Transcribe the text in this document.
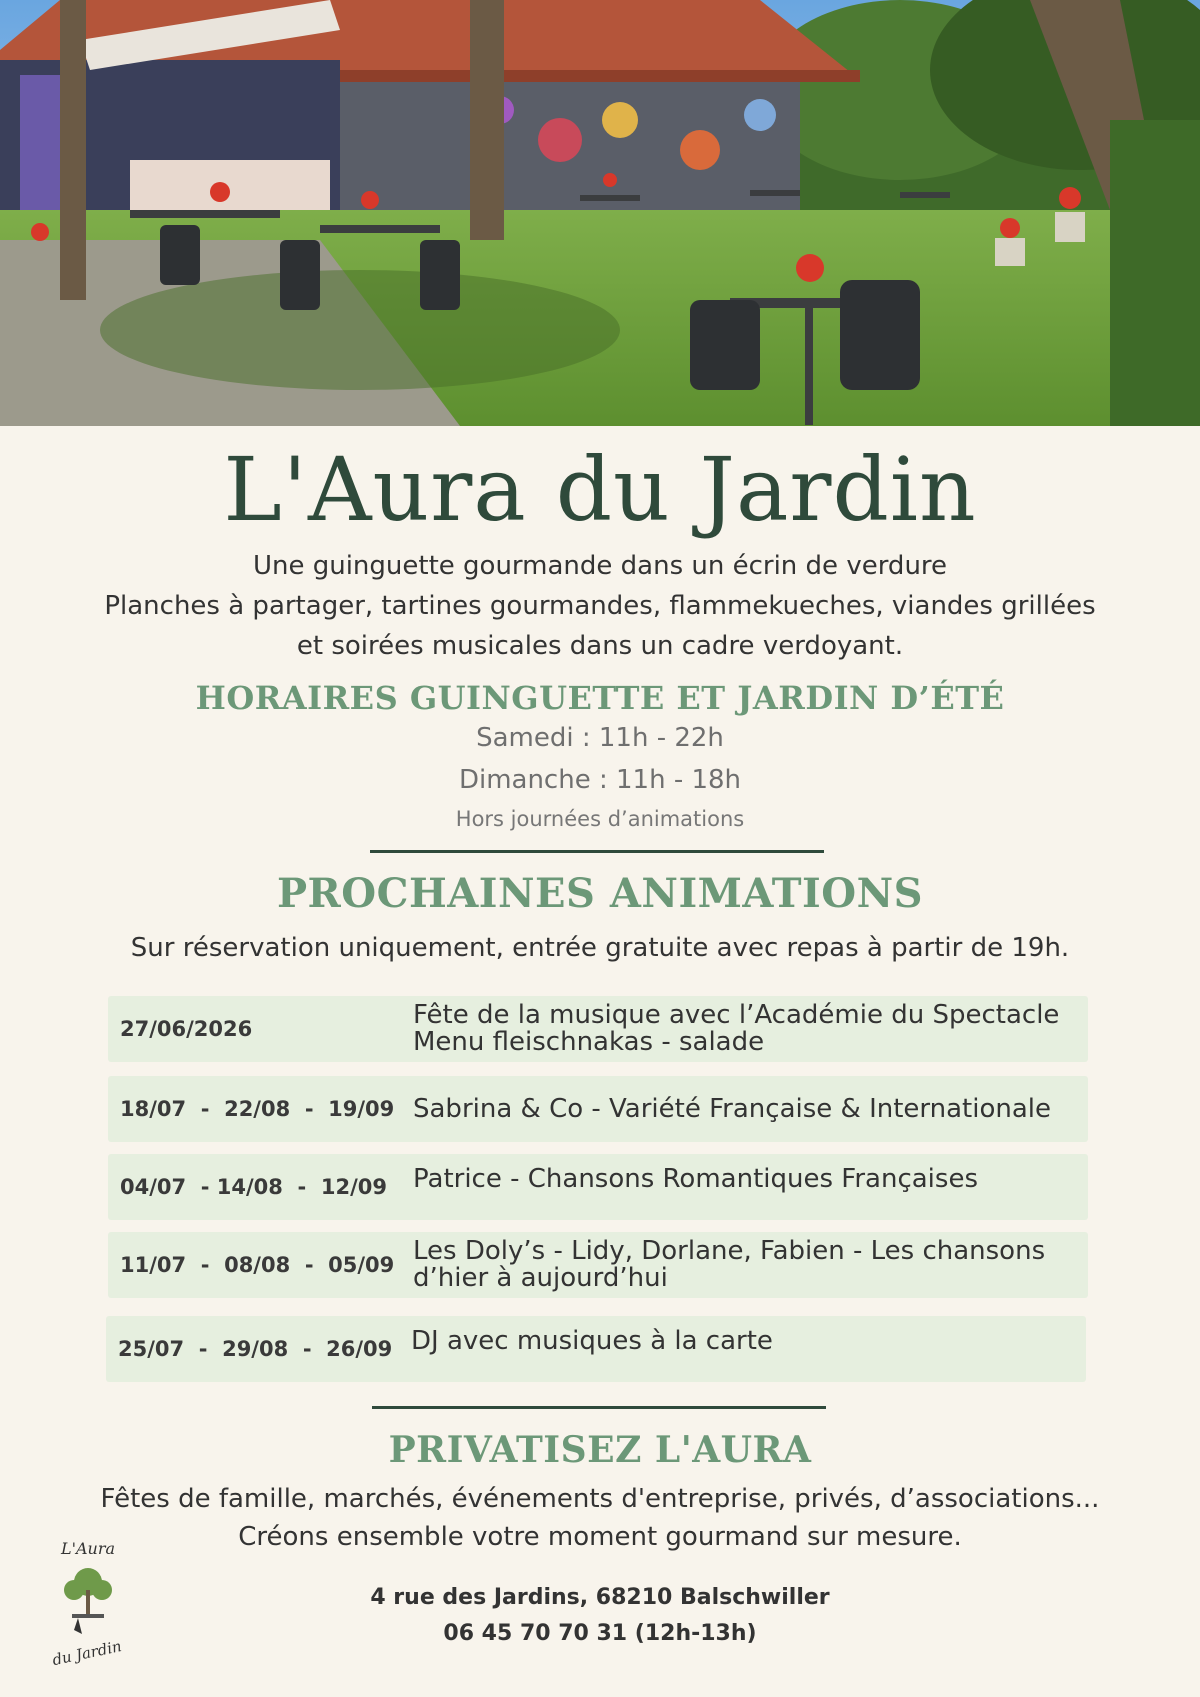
L'Aura du Jardin
Une guinguette gourmande dans un écrin de verdure
Planches à partager, tartines gourmandes, flammekueches, viandes grillées
et soirées musicales dans un cadre verdoyant.
HORAIRES GUINGUETTE ET JARDIN D’ÉTÉ
Samedi : 11h - 22h
Dimanche : 11h - 18h
Hors journées d’animations
PROCHAINES ANIMATIONS
Sur réservation uniquement, entrée gratuite avec repas à partir de 19h.
27/06/2026	Fête de la musique avec l’Académie du Spectacle
Menu fleischnakas - salade
18/07  -  22/08  -  19/09 Sabrina & Co - Variété Française & Internationale
04/07  - 14/08  -  12/09	Patrice - Chansons Romantiques Françaises
11/07  -  08/08  -  05/09 Les Doly’s - Lidy, Dorlane, Fabien - Les chansons
d’hier à aujourd’hui
25/07  -  29/08  -  26/09 DJ avec musiques à la carte
PRIVATISEZ L'AURA
Fêtes de famille, marchés, événements d'entreprise, privés, d’associations...
Créons ensemble votre moment gourmand sur mesure.
4 rue des Jardins, 68210 Balschwiller
06 45 70 70 31 (12h-13h)
L'Aura
du Jardin
